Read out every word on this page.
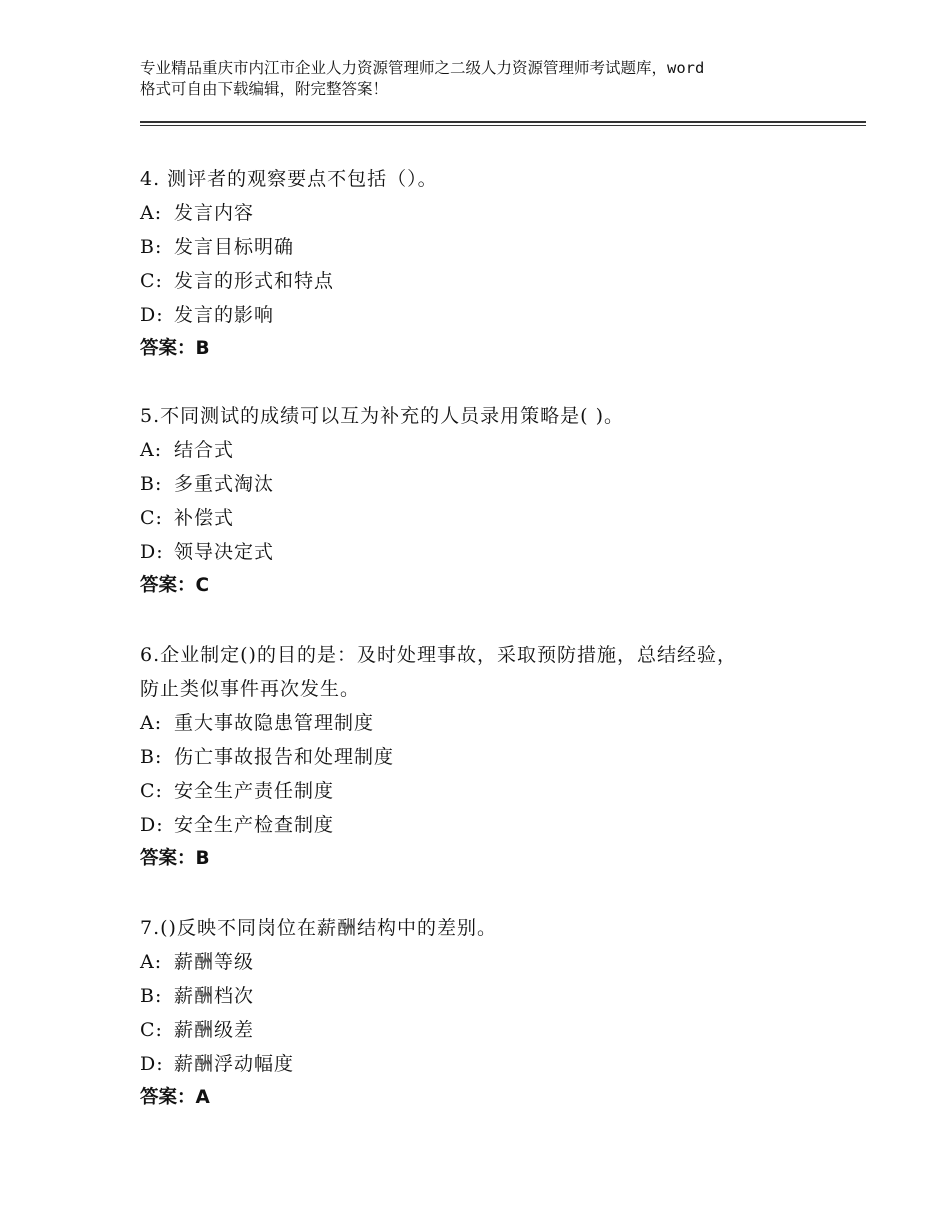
专业精品重庆市内江市企业人力资源管理师之二级人力资源管理师考试题库，word
格式可自由下载编辑，附完整答案！

4. 测评者的观察要点不包括（）。

A: 发言内容

B: 发言目标明确

C: 发言的形式和特点

D: 发言的影响

答案：B

5.不同测试的成绩可以互为补充的人员录用策略是( )。

A: 结合式

B: 多重式淘汰

C: 补偿式

D: 领导决定式

答案：C

6.企业制定()的目的是：及时处理事故，采取预防措施，总结经验，

防止类似事件再次发生。

A: 重大事故隐患管理制度

B: 伤亡事故报告和处理制度

C: 安全生产责任制度

D: 安全生产检查制度

答案：B

7.()反映不同岗位在薪酬结构中的差别。

A: 薪酬等级

B: 薪酬档次

C: 薪酬级差

D: 薪酬浮动幅度

答案：A
